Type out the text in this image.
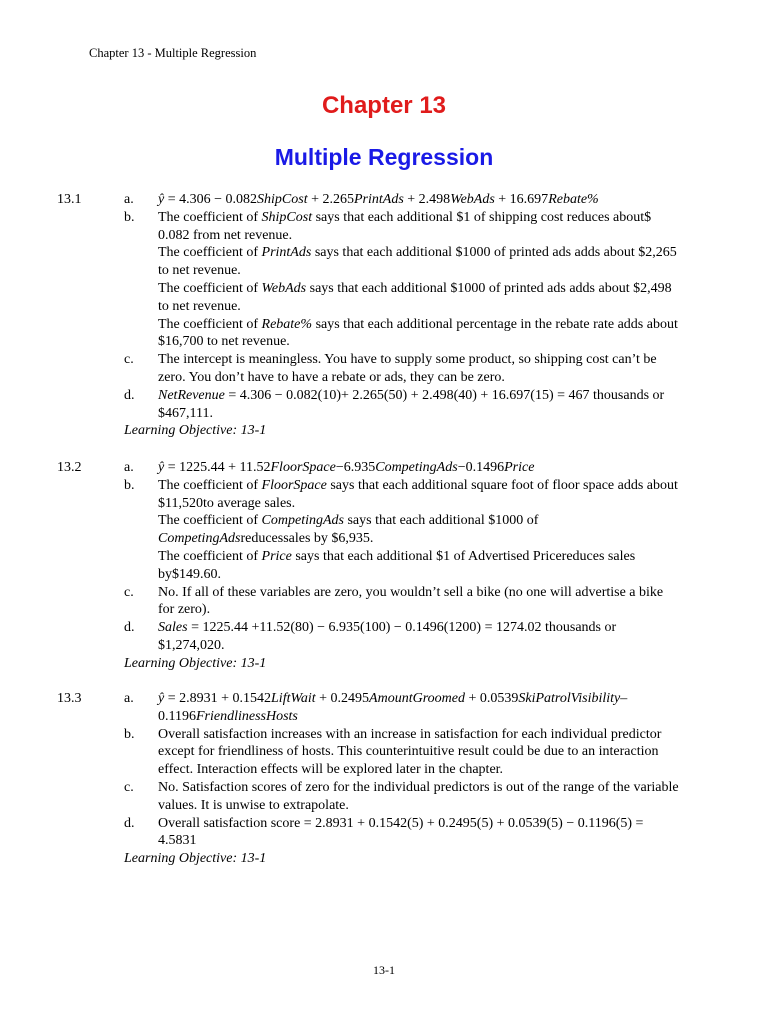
Chapter 13 - Multiple Regression
Chapter 13
Multiple Regression
13.1	a. ŷ = 4.306 − 0.082ShipCost + 2.265PrintAds + 2.498WebAds + 16.697Rebate%
b. The coefficient of ShipCost says that each additional $1 of shipping cost reduces about$ 0.082 from net revenue.
The coefficient of PrintAds says that each additional $1000 of printed ads adds about $2,265 to net revenue.
The coefficient of WebAds says that each additional $1000 of printed ads adds about $2,498 to net revenue.
The coefficient of Rebate% says that each additional percentage in the rebate rate adds about $16,700 to net revenue.
c. The intercept is meaningless. You have to supply some product, so shipping cost can’t be zero. You don’t have to have a rebate or ads, they can be zero.
d. NetRevenue = 4.306 − 0.082(10)+ 2.265(50) + 2.498(40) + 16.697(15) = 467 thousands or $467,111.
Learning Objective: 13-1
13.2	a. ŷ = 1225.44 + 11.52FloorSpace−6.935CompetingAds−0.1496Price
b. The coefficient of FloorSpace says that each additional square foot of floor space adds about $11,520to average sales.
The coefficient of CompetingAds says that each additional $1000 of CompetingAdsreducessales by $6,935.
The coefficient of Price says that each additional $1 of Advertised Pricereduces sales by$149.60.
c. No. If all of these variables are zero, you wouldn’t sell a bike (no one will advertise a bike for zero).
d. Sales = 1225.44 +11.52(80) − 6.935(100) − 0.1496(1200) = 1274.02 thousands or $1,274,020.
Learning Objective: 13-1
13.3	a. ŷ = 2.8931 + 0.1542LiftWait + 0.2495AmountGroomed + 0.0539SkiPatrolVisibility– 0.1196FriendlinessHosts
b. Overall satisfaction increases with an increase in satisfaction for each individual predictor except for friendliness of hosts. This counterintuitive result could be due to an interaction effect. Interaction effects will be explored later in the chapter.
c. No. Satisfaction scores of zero for the individual predictors is out of the range of the variable values. It is unwise to extrapolate.
d. Overall satisfaction score = 2.8931 + 0.1542(5) + 0.2495(5) + 0.0539(5) − 0.1196(5) = 4.5831
Learning Objective: 13-1
13-1
